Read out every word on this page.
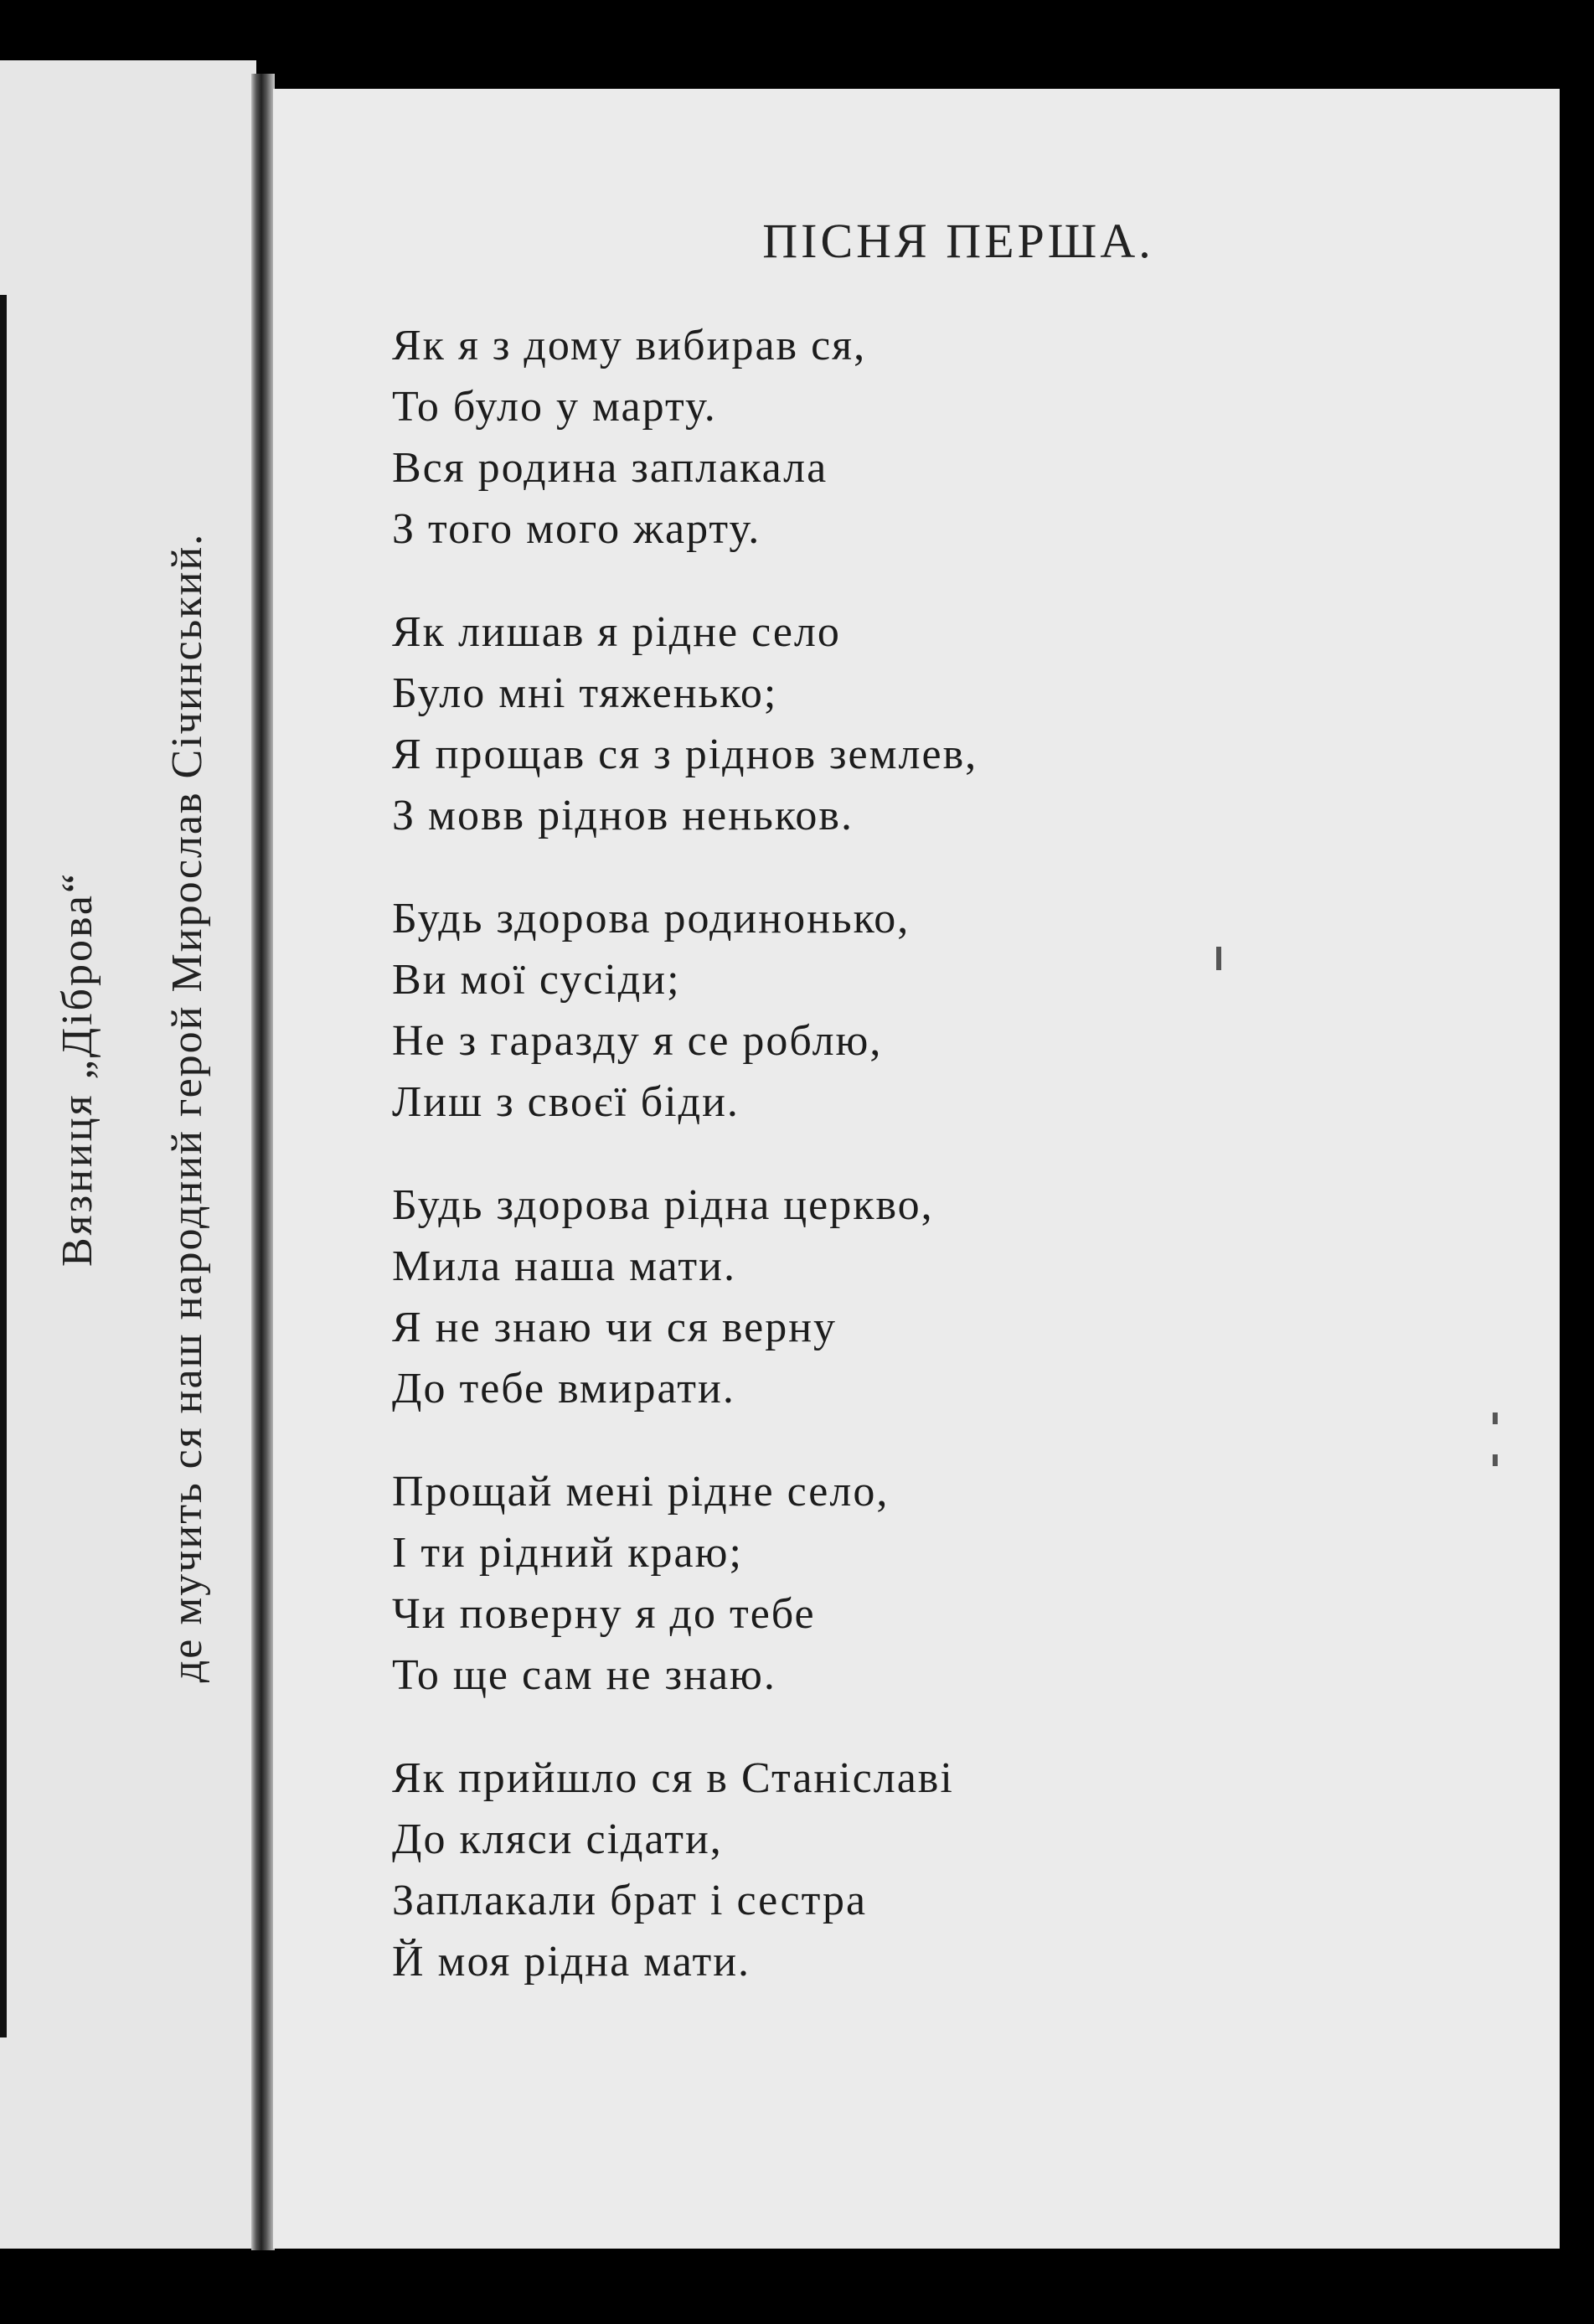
Вязниця „Діброва“ де мучить ся наш народний герой Мирослав Січинський.
ПІСНЯ ПЕРША.
Як я з дому вибирав ся,
То було у марту.
Вся родина заплакала
З того мого жарту.
Як лишав я рідне село
Було мні тяженько;
Я прощав ся з ріднов землев,
З мовв ріднов неньков.
Будь здорова родинонько,
Ви мої сусіди;
Не з гаразду я се роблю,
Лиш з своєї біди.
Будь здорова рідна церкво,
Мила наша мати.
Я не знаю чи ся верну
До тебе вмирати.
Прощай мені рідне село,
І ти рідний краю;
Чи поверну я до тебе
То ще сам не знаю.
Як прийшло ся в Станіславі
До кляси сідати,
Заплакали брат і сестра
Й моя рідна мати.
